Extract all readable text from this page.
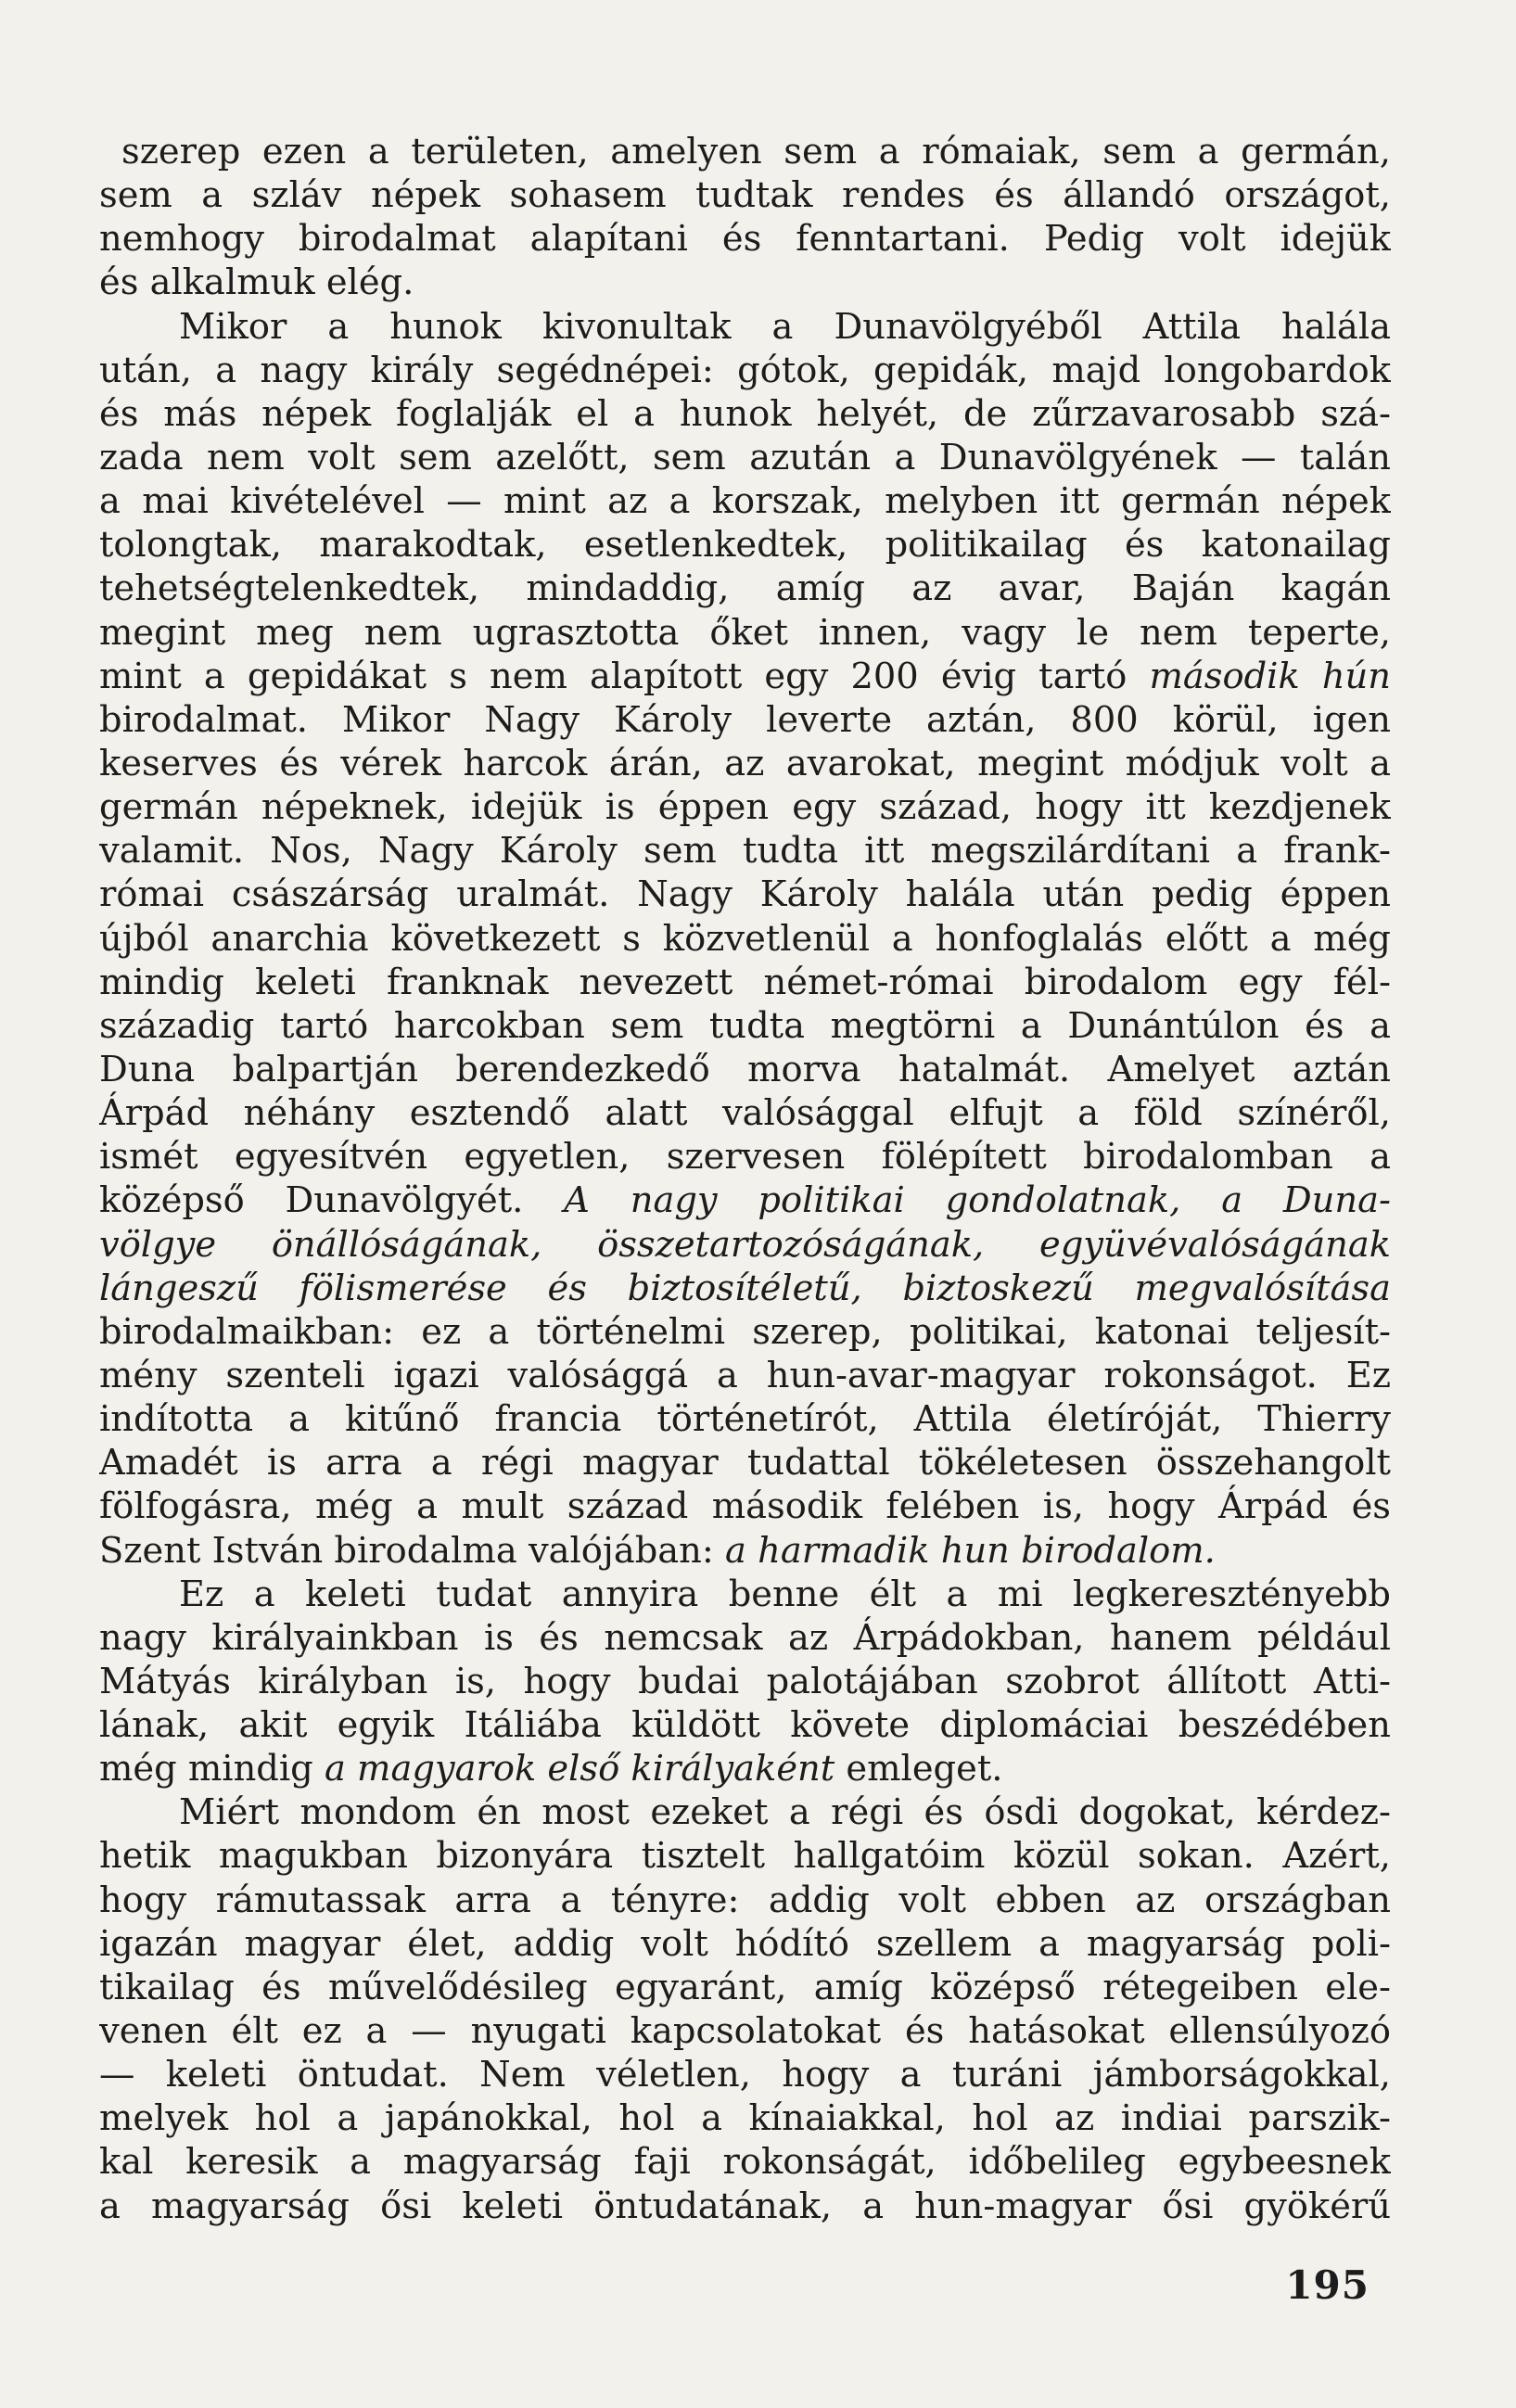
szerep ezen a területen, amelyen sem a rómaiak, sem a germán,
sem a szláv népek sohasem tudtak rendes és állandó országot,
nemhogy birodalmat alapítani és fenntartani. Pedig volt idejük
és alkalmuk elég.
Mikor a hunok kivonultak a Dunavölgyéből Attila halála
után, a nagy király segédnépei: gótok, gepidák, majd longobardok
és más népek foglalják el a hunok helyét, de zűrzavarosabb szá-
zada nem volt sem azelőtt, sem azután a Dunavölgyének — talán
a mai kivételével — mint az a korszak, melyben itt germán népek
tolongtak, marakodtak, esetlenkedtek, politikailag és katonailag
tehetségtelenkedtek, mindaddig, amíg az avar, Baján kagán
megint meg nem ugrasztotta őket innen, vagy le nem teperte,
mint a gepidákat s nem alapított egy 200 évig tartó második hún
birodalmat. Mikor Nagy Károly leverte aztán, 800 körül, igen
keserves és vérek harcok árán, az avarokat, megint módjuk volt a
germán népeknek, idejük is éppen egy század, hogy itt kezdjenek
valamit. Nos, Nagy Károly sem tudta itt megszilárdítani a frank-
római császárság uralmát. Nagy Károly halála után pedig éppen
újból anarchia következett s közvetlenül a honfoglalás előtt a még
mindig keleti franknak nevezett német-római birodalom egy fél-
századig tartó harcokban sem tudta megtörni a Dunántúlon és a
Duna balpartján berendezkedő morva hatalmát. Amelyet aztán
Árpád néhány esztendő alatt valósággal elfujt a föld színéről,
ismét egyesítvén egyetlen, szervesen fölépített birodalomban a
középső Dunavölgyét. A nagy politikai gondolatnak, a Duna-
völgye önállóságának, összetartozóságának, együvévalóságának
lángeszű fölismerése és biztosítéletű, biztoskezű megvalósítása
birodalmaikban: ez a történelmi szerep, politikai, katonai teljesít-
mény szenteli igazi valósággá a hun-avar-magyar rokonságot. Ez
indította a kitűnő francia történetírót, Attila életíróját, Thierry
Amadét is arra a régi magyar tudattal tökéletesen összehangolt
fölfogásra, még a mult század második felében is, hogy Árpád és
Szent István birodalma valójában: a harmadik hun birodalom.
Ez a keleti tudat annyira benne élt a mi legkeresztényebb
nagy királyainkban is és nemcsak az Árpádokban, hanem például
Mátyás királyban is, hogy budai palotájában szobrot állított Atti-
lának, akit egyik Itáliába küldött követe diplomáciai beszédében
még mindig a magyarok első királyaként emleget.
Miért mondom én most ezeket a régi és ósdi dogokat, kérdez-
hetik magukban bizonyára tisztelt hallgatóim közül sokan. Azért,
hogy rámutassak arra a tényre: addig volt ebben az országban
igazán magyar élet, addig volt hódító szellem a magyarság poli-
tikailag és művelődésileg egyaránt, amíg középső rétegeiben ele-
venen élt ez a — nyugati kapcsolatokat és hatásokat ellensúlyozó
— keleti öntudat. Nem véletlen, hogy a turáni jámborságokkal,
melyek hol a japánokkal, hol a kínaiakkal, hol az indiai parszik-
kal keresik a magyarság faji rokonságát, időbelileg egybeesnek
a magyarság ősi keleti öntudatának, a hun-magyar ősi gyökérű
195
